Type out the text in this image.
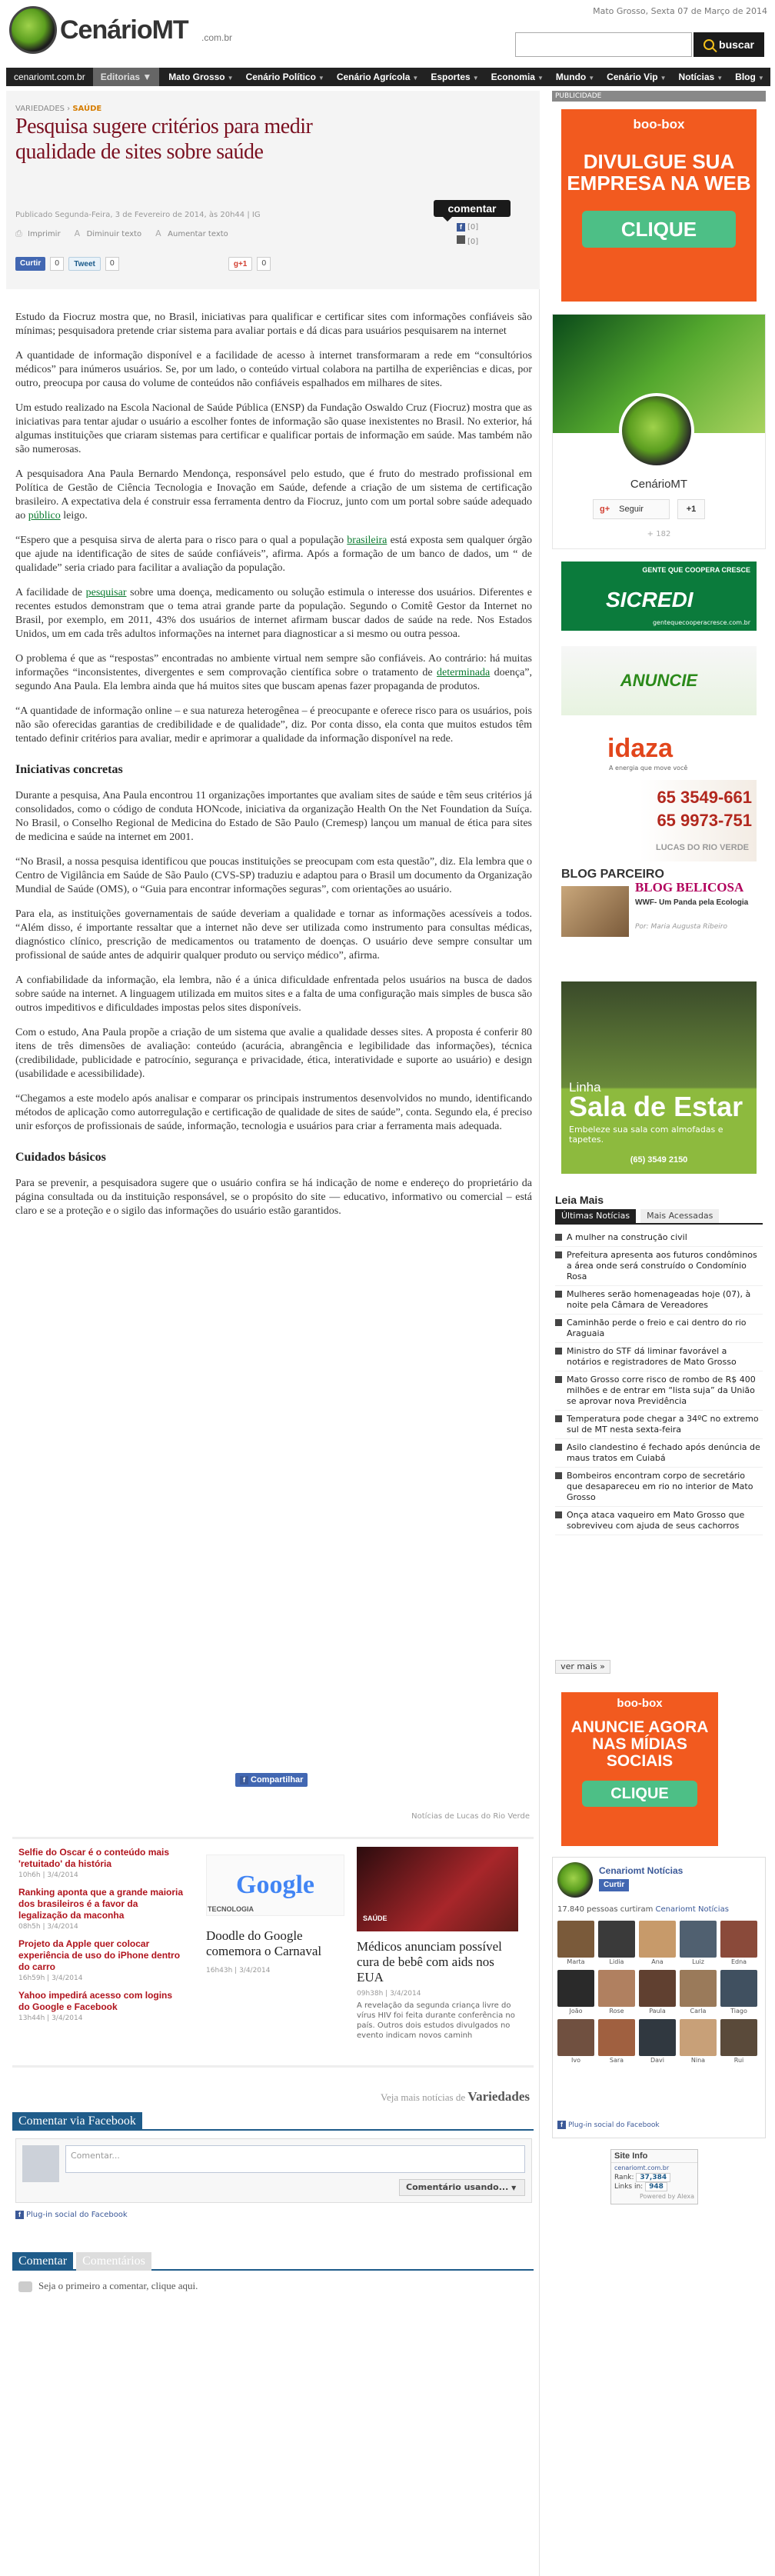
CenárioMT .com.br
Mato Grosso, Sexta 07 de Março de 2014
buscar
cenariomt.com.br	Editorias ▼	Mato Grosso ▼	Cenário Político ▼	Cenário Agrícola ▼	Esportes ▼	Economia ▼	Mundo ▼	Cenário Vip ▼	Notícias ▼	Blog ▼
VARIEDADES › SAÚDE
Pesquisa sugere critérios para medir qualidade de sites sobre saúde
Publicado Segunda-Feira, 3 de Fevereiro de 2014, às 20h44 | IG
comentar
f [0]
[0]
⎙ Imprimir A Diminuir texto A Aumentar texto
Curtir	0	Tweet	0	g+1	0

Estudo da Fiocruz mostra que, no Brasil, iniciativas para qualificar e certificar sites com informações confiáveis são mínimas; pesquisadora pretende criar sistema para avaliar portais e dá dicas para usuários pesquisarem na internet

A quantidade de informação disponível e a facilidade de acesso à internet transformaram a rede em “consultórios médicos” para inúmeros usuários. Se, por um lado, o conteúdo virtual colabora na partilha de experiências e dicas, por outro, preocupa por causa do volume de conteúdos não confiáveis espalhados em milhares de sites.

Um estudo realizado na Escola Nacional de Saúde Pública (ENSP) da Fundação Oswaldo Cruz (Fiocruz) mostra que as iniciativas para tentar ajudar o usuário a escolher fontes de informação são quase inexistentes no Brasil. No exterior, há algumas instituições que criaram sistemas para certificar e qualificar portais de informação em saúde. Mas também não são numerosas.

A pesquisadora Ana Paula Bernardo Mendonça, responsável pelo estudo, que é fruto do mestrado profissional em Política de Gestão de Ciência Tecnologia e Inovação em Saúde, defende a criação de um sistema de certificação brasileiro. A expectativa dela é construir essa ferramenta dentro da Fiocruz, junto com um portal sobre saúde adequado ao público leigo.

“Espero que a pesquisa sirva de alerta para o risco para o qual a população brasileira está exposta sem qualquer órgão que ajude na identificação de sites de saúde confiáveis”, afirma. Após a formação de um banco de dados, um “ de qualidade” seria criado para facilitar a avaliação da população.

A facilidade de pesquisar sobre uma doença, medicamento ou solução estimula o interesse dos usuários. Diferentes e recentes estudos demonstram que o tema atrai grande parte da população. Segundo o Comitê Gestor da Internet no Brasil, por exemplo, em 2011, 43% dos usuários de internet afirmam buscar dados de saúde na rede. Nos Estados Unidos, um em cada três adultos informações na internet para diagnosticar a si mesmo ou outra pessoa.

O problema é que as “respostas” encontradas no ambiente virtual nem sempre são confiáveis. Ao contrário: há muitas informações “inconsistentes, divergentes e sem comprovação científica sobre o tratamento de determinada doença”, segundo Ana Paula. Ela lembra ainda que há muitos sites que buscam apenas fazer propaganda de produtos.

“A quantidade de informação online – e sua natureza heterogênea – é preocupante e oferece risco para os usuários, pois não são oferecidas garantias de credibilidade e de qualidade”, diz. Por conta disso, ela conta que muitos estudos têm tentado definir critérios para avaliar, medir e aprimorar a qualidade da informação disponível na rede.

Iniciativas concretas

Durante a pesquisa, Ana Paula encontrou 11 organizações importantes que avaliam sites de saúde e têm seus critérios já consolidados, como o código de conduta HONcode, iniciativa da organização Health On the Net Foundation da Suíça. No Brasil, o Conselho Regional de Medicina do Estado de São Paulo (Cremesp) lançou um manual de ética para sites de medicina e saúde na internet em 2001.

“No Brasil, a nossa pesquisa identificou que poucas instituições se preocupam com esta questão”, diz. Ela lembra que o Centro de Vigilância em Saúde de São Paulo (CVS-SP) traduziu e adaptou para o Brasil um documento da Organização Mundial de Saúde (OMS), o “Guia para encontrar informações seguras”, com orientações ao usuário.

Para ela, as instituições governamentais de saúde deveriam a qualidade e tornar as informações acessíveis a todos. “Além disso, é importante ressaltar que a internet não deve ser utilizada como instrumento para consultas médicas, diagnóstico clínico, prescrição de medicamentos ou tratamento de doenças. O usuário deve sempre consultar um profissional de saúde antes de adquirir qualquer produto ou serviço médico”, afirma.

A confiabilidade da informação, ela lembra, não é a única dificuldade enfrentada pelos usuários na busca de dados sobre saúde na internet. A linguagem utilizada em muitos sites e a falta de uma configuração mais simples de busca são outros impeditivos e dificuldades impostas pelos sites disponíveis.

Com o estudo, Ana Paula propõe a criação de um sistema que avalie a qualidade desses sites. A proposta é conferir 80 itens de três dimensões de avaliação: conteúdo (acurácia, abrangência e legibilidade das informações), técnica (credibilidade, publicidade e patrocínio, segurança e privacidade, ética, interatividade e suporte ao usuário) e design (usabilidade e acessibilidade).

“Chegamos a este modelo após analisar e comparar os principais instrumentos desenvolvidos no mundo, identificando métodos de aplicação como autorregulação e certificação de qualidade de sites de saúde”, conta. Segundo ela, é preciso unir esforços de profissionais de saúde, informação, tecnologia e usuários para criar a ferramenta mais adequada.

Cuidados básicos

Para se prevenir, a pesquisadora sugere que o usuário confira se há indicação de nome e endereço do proprietário da página consultada ou da instituição responsável, se o propósito do site — educativo, informativo ou comercial – está claro e se a proteção e o sigilo das informações do usuário estão garantidos.

f Compartilhar
Notícias de Lucas do Rio Verde
Selfie do Oscar é o conteúdo mais 'retuitado' da história
10h6h | 3/4/2014
Ranking aponta que a grande maioria dos brasileiros é a favor da legalização da maconha
08h5h | 3/4/2014
Projeto da Apple quer colocar experiência de uso do iPhone dentro do carro
16h59h | 3/4/2014
Yahoo impedirá acesso com logins do Google e Facebook
13h44h | 3/4/2014
Google
TECNOLOGIA
Doodle do Google comemora o Carnaval
16h43h | 3/4/2014
SAÚDE
Médicos anunciam possível cura de bebê com aids nos EUA
09h38h | 3/4/2014
A revelação da segunda criança livre do vírus HIV foi feita durante conferência no país. Outros dois estudos divulgados no evento indicam novos caminh
Veja mais notícias de Variedades
Comentar via Facebook
Comentar...
Comentário usando... ▼
f Plug-in social do Facebook
Comentar	Comentários
Seja o primeiro a comentar, clique aqui.
PUBLICIDADE
boo-box
DIVULGUE SUA EMPRESA NA WEB
CLIQUE
CenárioMT
g+ Seguir	+1
+ 182
GENTE QUE COOPERA CRESCE
SICREDI
gentequecooperacresce.com.br
ANUNCIE
idaza
A energia que move você
65 3549-661
65 9973-751
LUCAS DO RIO VERDE
BLOG PARCEIRO
BLOG BELICOSA
WWF- Um Panda pela Ecologia
Por: Maria Augusta Ribeiro
Linha
Sala de Estar
Embeleze sua sala com almofadas e tapetes.
(65) 3549 2150
Leia Mais
Últimas Notícias	Mais Acessadas
A mulher na construção civil
Prefeitura apresenta aos futuros condôminos a área onde será construído o Condomínio Rosa
Mulheres serão homenageadas hoje (07), à noite pela Câmara de Vereadores
Caminhão perde o freio e cai dentro do rio Araguaia
Ministro do STF dá liminar favorável a notários e registradores de Mato Grosso
Mato Grosso corre risco de rombo de R$ 400 milhões e de entrar em “lista suja” da União se aprovar nova Previdência
Temperatura pode chegar a 34ºC no extremo sul de MT nesta sexta-feira
Asilo clandestino é fechado após denúncia de maus tratos em Cuiabá
Bombeiros encontram corpo de secretário que desapareceu em rio no interior de Mato Grosso
Onça ataca vaqueiro em Mato Grosso que sobreviveu com ajuda de seus cachorros
ver mais »
boo-box
ANUNCIE AGORA NAS MÍDIAS SOCIAIS
CLIQUE
Cenariomt Notícias
Curtir
17.840 pessoas curtiram Cenariomt Notícias
Marta	Lidia	Ana	Luiz	Edna
João	Rose	Paula	Carla	Tiago
Ivo	Sara	Davi	Nina	Rui
f Plug-in social do Facebook
Site Info
cenariomt.com.br
Rank: 37,384
Links in: 948
Powered by Alexa
